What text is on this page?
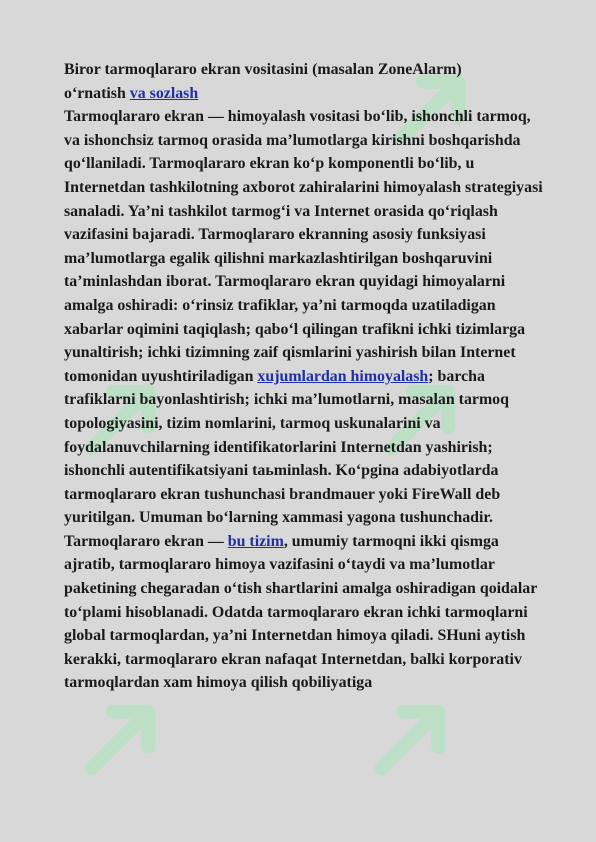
Biror tarmoqlararo ekran vositasini (masalan ZoneAlarm)
o‘rnatish va sozlash
Tarmoqlararo ekran — himoyalash vositasi bo‘lib, ishonchli tarmoq, va ishonchsiz tarmoq orasida ma’lumotlarga kirishni boshqarishda qo‘llaniladi. Tarmoqlararo ekran ko‘p komponentli bo‘lib, u Internetdan tashkilotning axborot zahiralarini himoyalash strategiyasi sanaladi. Ya’ni tashkilot tarmog‘i va Internet orasida qo‘riqlash vazifasini bajaradi. Tarmoqlararo ekranning asosiy funksiyasi ma’lumotlarga egalik qilishni markazlashtirilgan boshqaruvini ta’minlashdan iborat. Tarmoqlararo ekran quyidagi himoyalarni amalga oshiradi: o‘rinsiz trafiklar, ya’ni tarmoqda uzatiladigan xabarlar oqimini taqiqlash; qabo‘l qilingan trafikni ichki tizimlarga yunaltirish; ichki tizimning zaif qismlarini yashirish bilan Internet tomonidan uyushtiriladigan xujumlardan himoyalash; barcha trafiklarni bayonlashtirish; ichki ma’lumotlarni, masalan tarmoq topologiyasini, tizim nomlarini, tarmoq uskunalarini va foydalanuvchilarning identifikatorlarini Internetdan yashirish; ishonchli autentifikatsiyani taьminlash. Ko‘pgina adabiyotlarda tarmoqlararo ekran tushunchasi brandmauer yoki FireWall deb yuritilgan. Umuman bo‘larning xammasi yagona tushunchadir. Tarmoqlararo ekran — bu tizim, umumiy tarmoqni ikki qismga ajratib, tarmoqlararo himoya vazifasini o‘taydi va ma’lumotlar paketining chegaradan o‘tish shartlarini amalga oshiradigan qoidalar to‘plami hisoblanadi. Odatda tarmoqlararo ekran ichki tarmoqlarni global tarmoqlardan, ya’ni Internetdan himoya qiladi. SHuni aytish kerakki, tarmoqlararo ekran nafaqat Internetdan, balki korporativ tarmoqlardan xam himoya qilish qobiliyatiga
